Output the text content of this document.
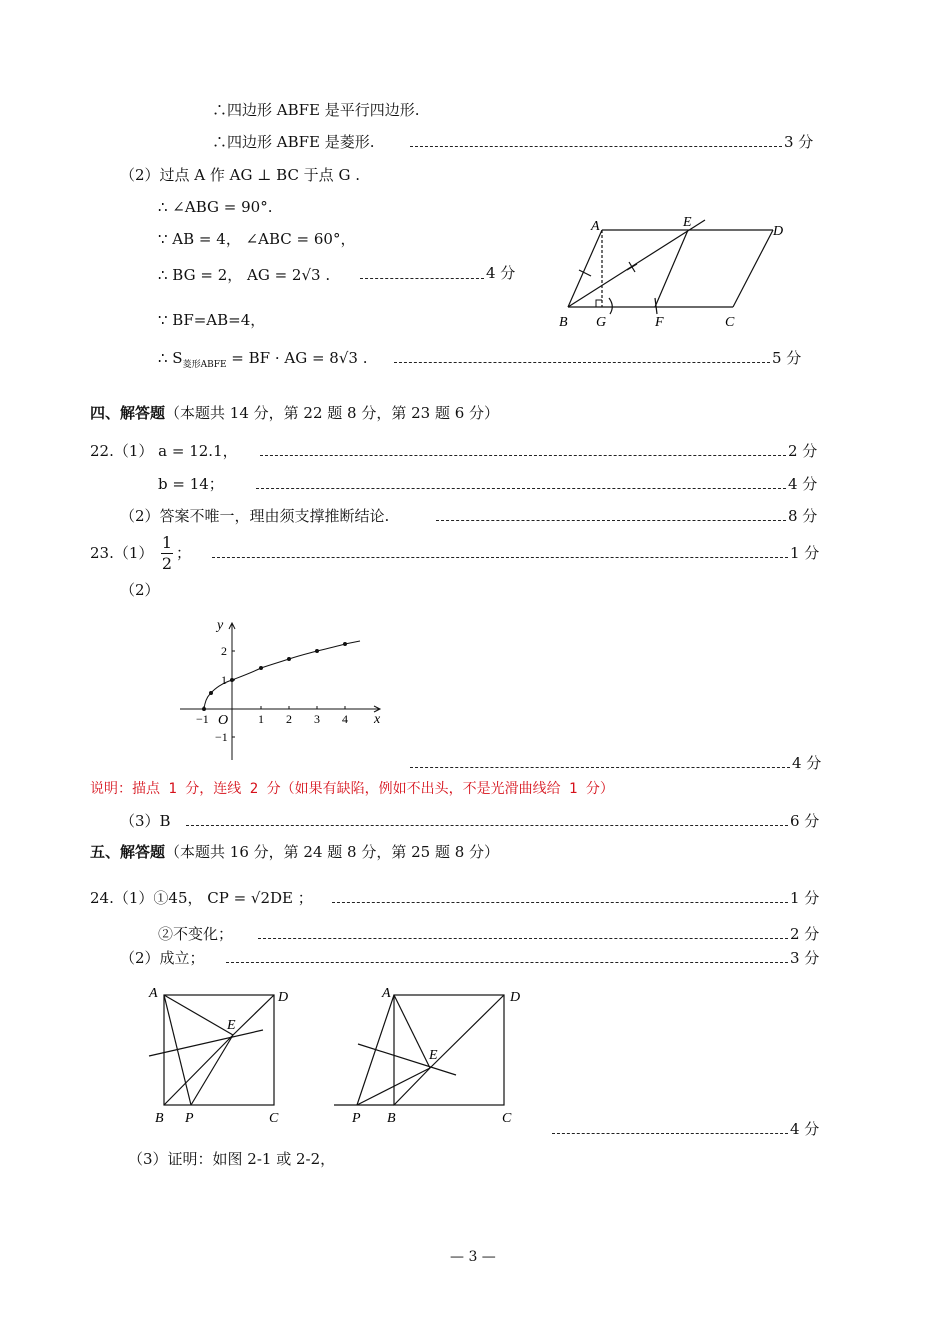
∴四边形 ABFE 是平行四边形.
∴四边形 ABFE 是菱形.	3 分
（2）过点 A 作 AG ⊥ BC 于点 G .
∴ ∠ABG = 90°.
∵ AB = 4， ∠ABC = 60°，
∴ BG = 2， AG = 2√3 .	4 分
∵ BF=AB=4，
∴ $S_{菱形ABFE}$ = BF · AG = 8√3 .	5 分
A	E
D
B G	F	C
四、解答题（本题共 14 分，第 22 题 8 分，第 23 题 6 分）
22.（1） a = 12.1，	2 分
b = 14；	4 分
（2）答案不唯一，理由须支撑推断结论.	8 分
23.（1）
1
2
；	1 分
（2）
y
x
O
−1	1 2 3 4
2
1
−1
4 分
说明：描点 1 分，连线 2 分（如果有缺陷，例如不出头，不是光滑曲线给 1 分）
（3）B	6 分
五、解答题（本题共 16 分，第 24 题 8 分，第 25 题 8 分）
24.（1）①45， CP = √2DE ；	1 分
②不变化；	2 分
（2）成立；	3 分
A	D
E
B P	C
A	D
E
P B	C
4 分
（3）证明：如图 2-1 或 2-2，
— 3 —
